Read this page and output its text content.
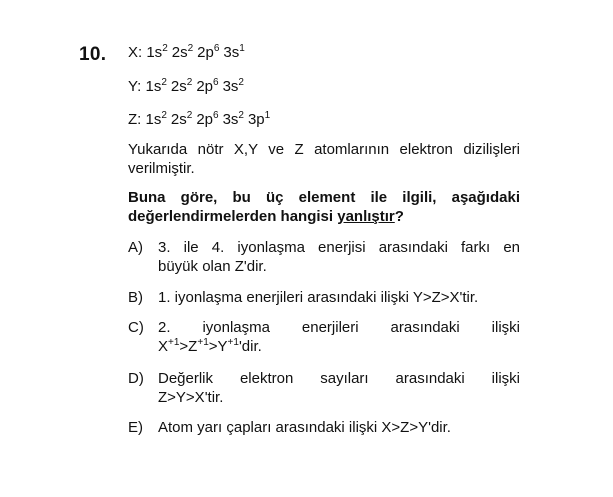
10. X: $1s^2$ $2s^2$ $2p^6$ $3s^1$
Y: $1s^2$ $2s^2$ $2p^6$ $3s^2$
Z: $1s^2$ $2s^2$ $2p^6$ $3s^2$ $3p^1$
Yukarıda nötr X,Y ve Z atomlarının elektron dizilişleri verilmiştir.
Buna göre, bu üç element ile ilgili, aşağıdaki değerlendirmelerden hangisi yanlıştır?
A) 3. ile 4. iyonlaşma enerjisi arasındaki farkı en
büyük olan Z'dir.
B) 1. iyonlaşma enerjileri arasındaki ilişki Y>Z>X'tir.
C) 2. iyonlaşma enerjileri arasındaki ilişki
$X^{+1}>Z^{+1}>Y^{+1}'dir$.
D) Değerlik elektron sayıları arasındaki ilişki
Z>Y>X'tir.
E) Atom yarı çapları arasındaki ilişki X>Z>Y'dir.
